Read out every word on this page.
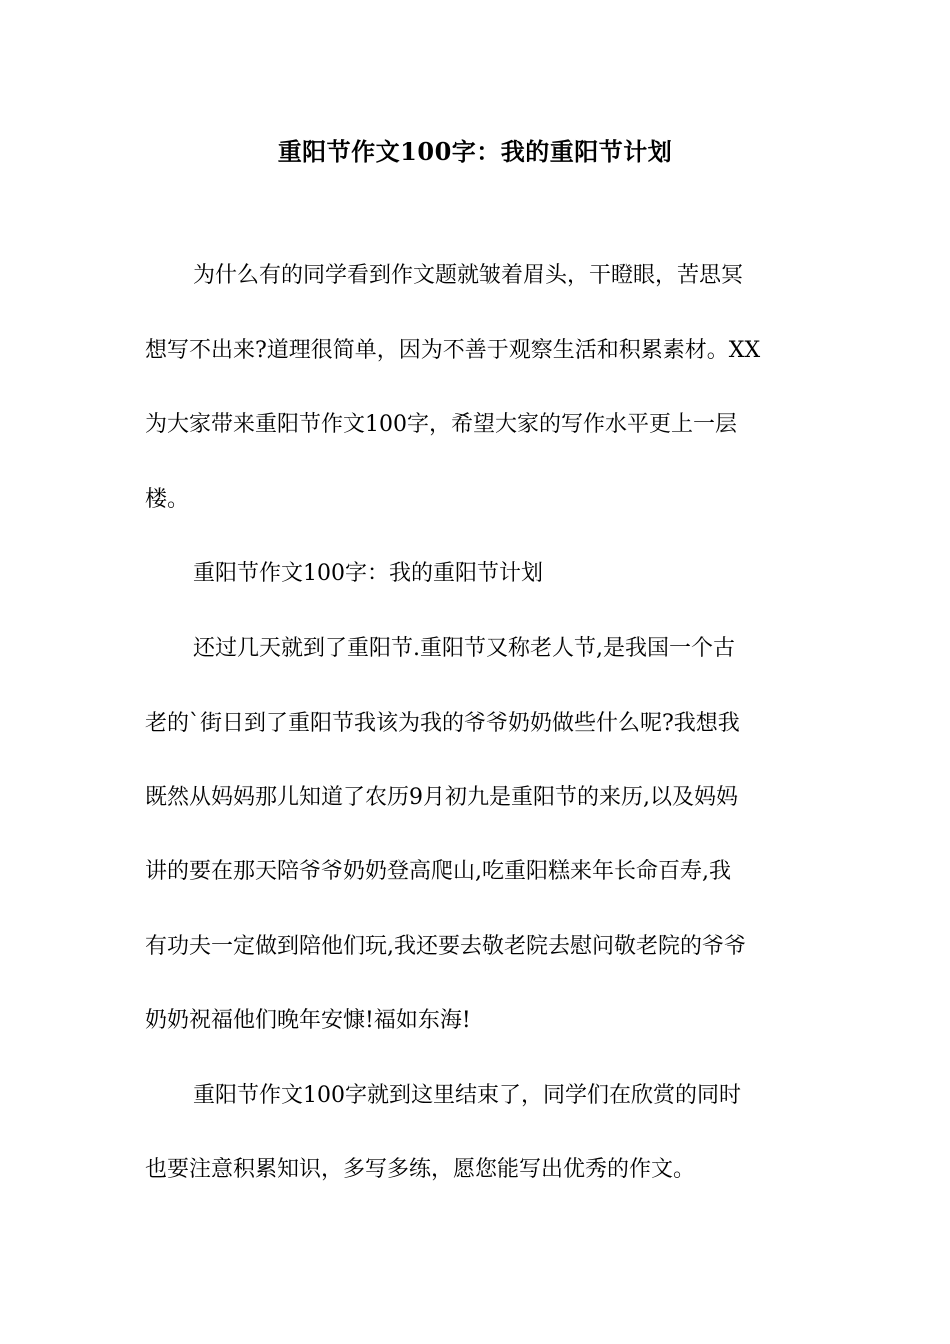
重阳节作文100字：我的重阳节计划
为什么有的同学看到作文题就皱着眉头，干瞪眼，苦思冥
想写不出来?道理很简单，因为不善于观察生活和积累素材。XX
为大家带来重阳节作文100字，希望大家的写作水平更上一层
楼。
重阳节作文100字：我的重阳节计划
还过几天就到了重阳节.重阳节又称老人节,是我国一个古
老的`街日到了重阳节我该为我的爷爷奶奶做些什么呢?我想我
既然从妈妈那儿知道了农历9月初九是重阳节的来历,以及妈妈
讲的要在那天陪爷爷奶奶登高爬山,吃重阳糕来年长命百寿,我
有功夫一定做到陪他们玩,我还要去敬老院去慰问敬老院的爷爷
奶奶祝福他们晚年安慷!福如东海!
重阳节作文100字就到这里结束了，同学们在欣赏的同时
也要注意积累知识，多写多练，愿您能写出优秀的作文。
